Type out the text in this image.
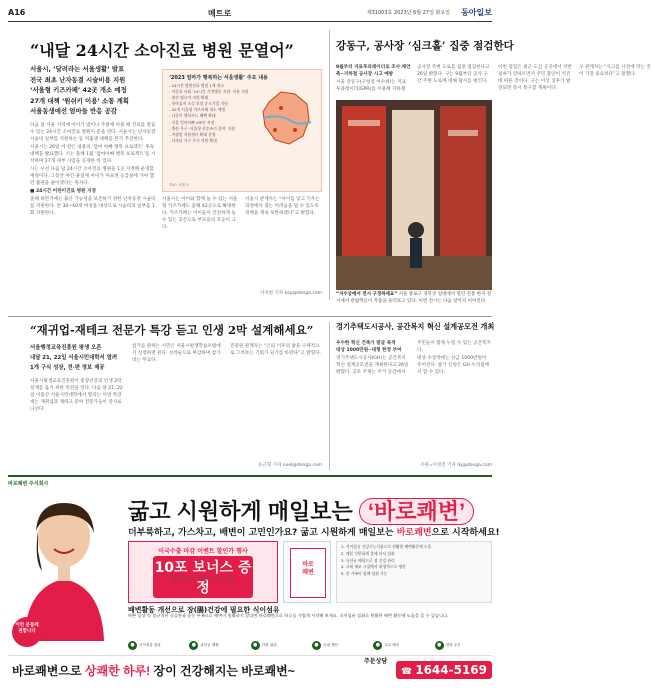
A16	메트로	제31003호 2023년 6월 27일 화요일 동아일보
“내달 24시간 소아진료 병원 문열어”
서울시, ‘달려라는 서울생활’ 발표
전국 최초 난자동결 시술비용 지원
‘서울형 키즈카페’ 42곳 개소 예정
27개 대책 ‘원쉬키 이용’ 소통 계획
서울동생에선 엄마들 반응 공감

다음 달 서울 지역에 아이가 밤이나 주말에 아플 때 진료를 받을 수 있는 24시간 소아진료 병원이 문을 연다. 서울시는 난자동결 시술비 일부를 지원하는 등 저출생 대책을 본격 추진한다.

서울시는 26일 이 같은 내용의 ‘엄마 아빠 행복 프로젝트’ 후속 대책을 발표했다. 시는 올해 1월 ‘엄마아빠 행복 프로젝트’를 시작하며 27개 세부 사업을 공개한 바 있다.

시는 우선 다음 달 24시간 소아진료 병원을 1곳 지정해 운영할 예정이다. 그동안 야간·휴일에 아이가 아프면 응급실에 가야 했던 불편을 줄이겠다는 취지다.

■ 24시간 어린이진료 병원 지정

올해 하반기에는 출산 가능성을 보존하기 위한 난자동결 시술비를 지원한다. 만 30~40세 여성을 대상으로 시술비의 일부를 1회 지원한다.

서울시는 아이와 함께 놀 수 있는 서울형 키즈카페도 올해 42곳으로 확대한다. 키즈카페는 아이들이 안전하게 놀 수 있는 공간으로 부모들의 호응이 크다.

서울시 관계자는 “아이를 낳고 키우는 과정에서 겪는 어려움을 덜 수 있도록 정책을 계속 보완하겠다”고 밝혔다.

사지현 기자 ksp@donga.com
‘2023 엄마가 행복하는 서울생활’ 주요 내용
- 24시간 병원진료 병원 1개 개소
- 아동과 사회 ‘24시간 가정방문 지원’ 비용 지원
- 월간 영유아 지원 확대
- 육아휴직 소득 보장 중소기업 지원
- 42개 서울형 키즈카페 개소 예정
- 다둥이 행복카드 혜택 확대
- 서울 엄마아빠 VIP존 지정
- 출산 가구 ‘서울형 산후조리 경비’ 지원
- 직장맘 지원센터 확대 운영
- 다자녀 가구 주거 지원 확대
자료: 서울시
강동구, 공사장 ‘심크홀’ 집중 점검한다

9월부터 지표투과레이더로 조사 제언촉··지하철 공사장 시고 예방

서울 강동구(구청장 이수희)는 지표 투과레이더(GPR)를 이용해 지하철 공사장 주변 도로를 집중 점검한다고 26일 밝혔다. 구는 9월부터 공사 구간 주변 도로에 대해 탐사를 벌인다.

이번 점검은 최근 도심 곳곳에서 지반 침하가 잇따르면서 주민 불안이 커진 데 따른 것이다. 구는 이상 징후가 발견되면 즉시 복구할 계획이다.

구 관계자는 “사고를 사전에 막는 것이 가장 중요하다”고 말했다.

“지수궁에서 전시 구경하세요” 서울 종로구 경복궁 일대에서 열린 전통 한지 전시에서 관람객들이 작품을 둘러보고 있다. 이번 전시는 다음 달까지 이어진다.
“재귀업-재테크 전문가 특강 듣고 인생 2막 설계해세요”
서울행정교육진흥원 평생 오픈
내달 21, 22일 서울시민대학서 열려
1개 구식 성장, 전·편 정보 제공

서울시평생교육진흥원이 중장년층의 인생 2막 설계를 돕기 위한 특강을 연다. 다음 달 21, 22일 이틀간 서울시민대학에서 열리는 이번 특강에는 재취업과 재테크 분야 전문가들이 강사로 나선다.

참가를 원하는 시민은 서울시평생학습포털에서 신청하면 된다. 선착순으로 마감하며 참가비는 무료다.

진흥원 관계자는 “은퇴 이후의 삶을 구체적으로 그려보는 기회가 되기를 바란다”고 밝혔다.

유근형 기자 noel@donga.com
경기추택도시공사, 공간복지 혁신 설계공모전 개최

우수한 혁신 건축가 발굴 목적
대상 1000만원··대형 한정 부여

경기주택도시공사(GH)는 공간복지 혁신 설계공모전을 개최한다고 26일 밝혔다. 공모 주제는 주거 공간에서 주민들이 함께 누릴 수 있는 공간복지다.

대상 수상작에는 상금 1000만원이 주어진다. 참가 신청은 GH 누리집에서 할 수 있다.

수원=이경진 기자 lkj@donga.com
바로쾌변 주식회사
이런 분들께
권합니다
굶고 시원하게 매일보는 ‘바로쾌변’
더부룩하고, 가스차고, 배변이 고민인가요? 굶고 시원하게 매일보는 바로쾌변으로 시작하세요!
이국수출 마감 이벤트 할인가 행사
10포 보너스 증정
선착순 한정 / 전화 주문 시 적용
바로
쾌변
1. 식이섬유 건강기능식품으로 원활한 배변활동에 도움
2. 매일 간편하게 물에 타서 섭취
3. 유산균 배합으로 장 건강 관리
4. 국내 제조 시설에서 위생적으로 생산
5. 온 가족이 함께 섭취 가능
배변활동 개선으로 장(腸)건강에 필요한 식이섬유
바쁜 일상 속 불규칙한 식습관과 운동 부족으로 배변이 원활하지 않다면 바로쾌변으로 하루를 가볍게 시작해 보세요. 식이섬유 섭취로 원활한 배변 활동에 도움을 줄 수 있습니다.
●	식이섬유 함유	●	유산균 배합	●	간편 섭취	●	국내 생산	●	무료 배송	●	전화 주문
바로쾌변으로 상쾌한 하루! 장이 건강해지는 바로쾌변~
주문상담
☎ 1644-5169
